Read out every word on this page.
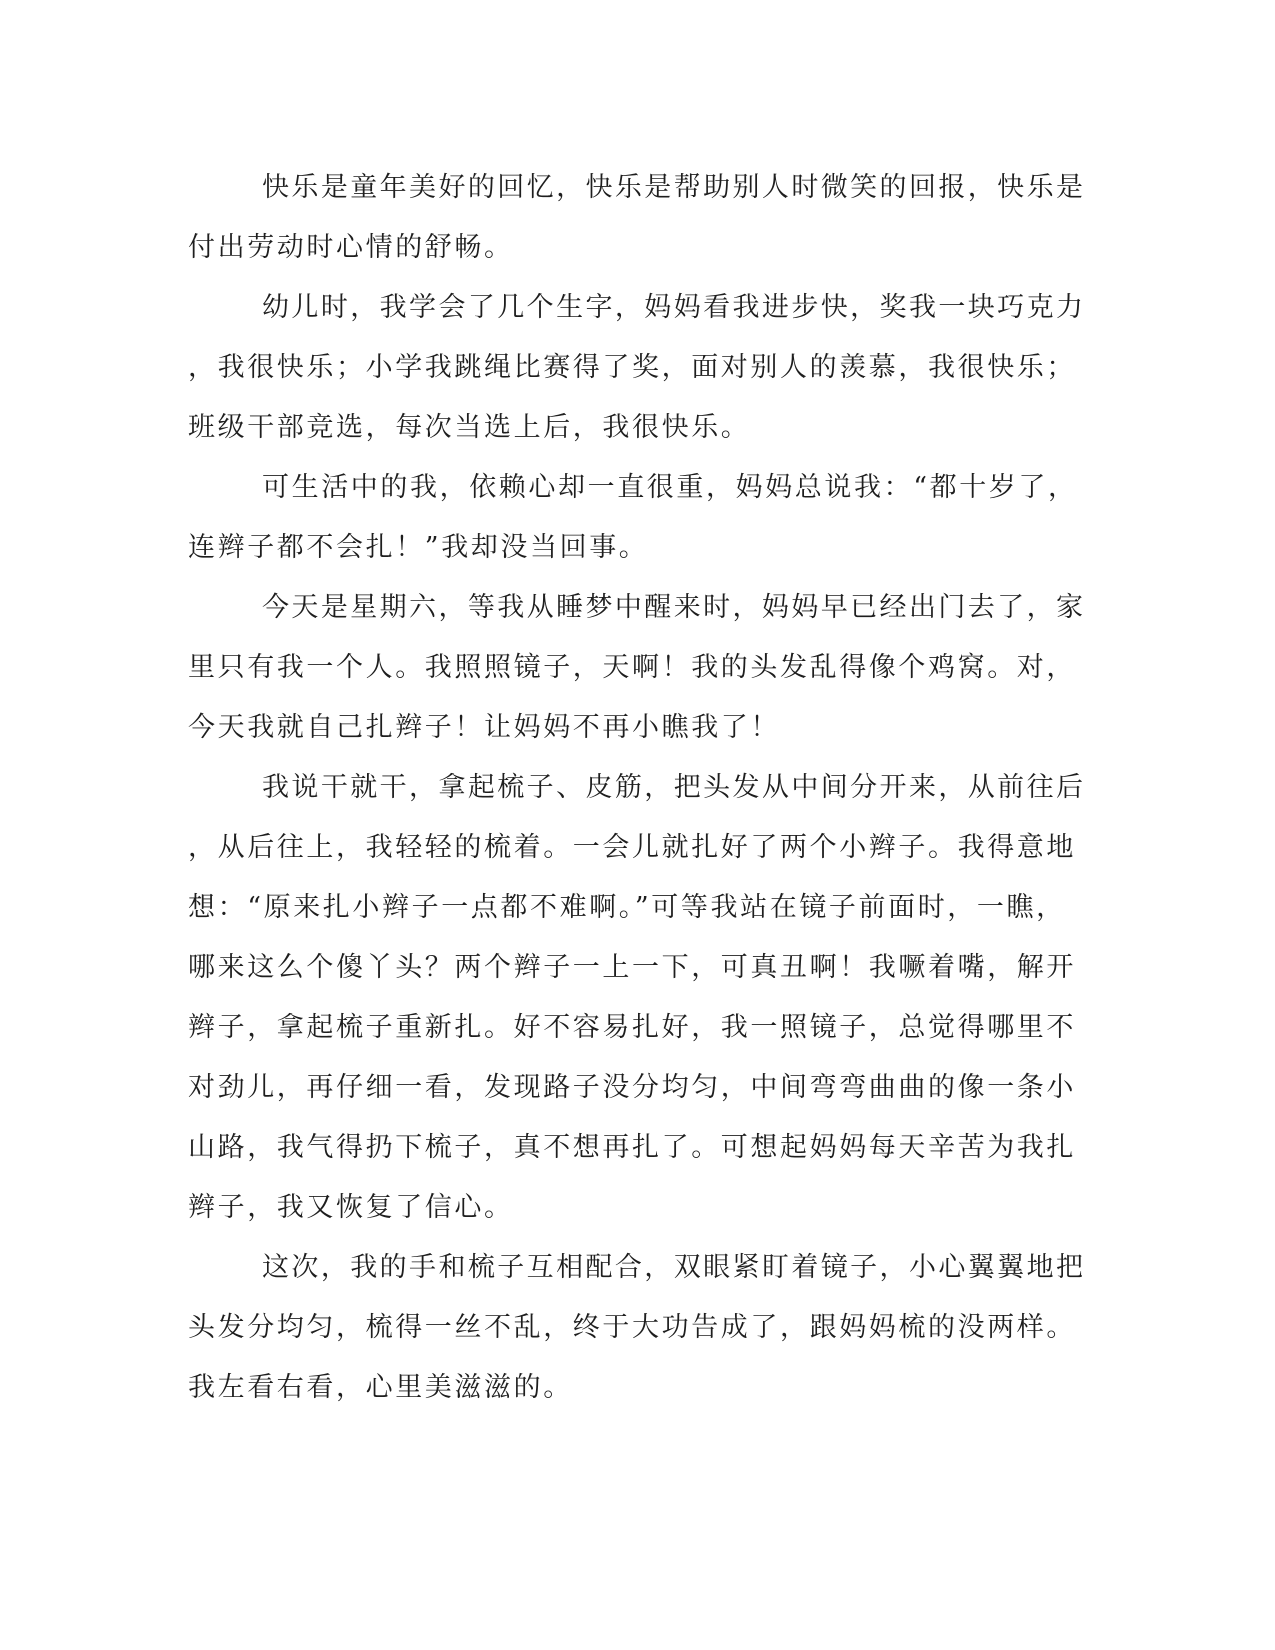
快乐是童年美好的回忆，快乐是帮助别人时微笑的回报，快乐是
付出劳动时心情的舒畅。
幼儿时，我学会了几个生字，妈妈看我进步快，奖我一块巧克力
，我很快乐；小学我跳绳比赛得了奖，面对别人的羡慕，我很快乐；
班级干部竞选，每次当选上后，我很快乐。
可生活中的我，依赖心却一直很重，妈妈总说我：“都十岁了，
连辫子都不会扎！”我却没当回事。
今天是星期六，等我从睡梦中醒来时，妈妈早已经出门去了，家
里只有我一个人。我照照镜子，天啊！我的头发乱得像个鸡窝。对，
今天我就自己扎辫子！让妈妈不再小瞧我了！
我说干就干，拿起梳子、皮筋，把头发从中间分开来，从前往后
，从后往上，我轻轻的梳着。一会儿就扎好了两个小辫子。我得意地
想：“原来扎小辫子一点都不难啊。”可等我站在镜子前面时，一瞧，
哪来这么个傻丫头？两个辫子一上一下，可真丑啊！我噘着嘴，解开
辫子，拿起梳子重新扎。好不容易扎好，我一照镜子，总觉得哪里不
对劲儿，再仔细一看，发现路子没分均匀，中间弯弯曲曲的像一条小
山路，我气得扔下梳子，真不想再扎了。可想起妈妈每天辛苦为我扎
辫子，我又恢复了信心。
这次，我的手和梳子互相配合，双眼紧盯着镜子，小心翼翼地把
头发分均匀，梳得一丝不乱，终于大功告成了，跟妈妈梳的没两样。
我左看右看，心里美滋滋的。
